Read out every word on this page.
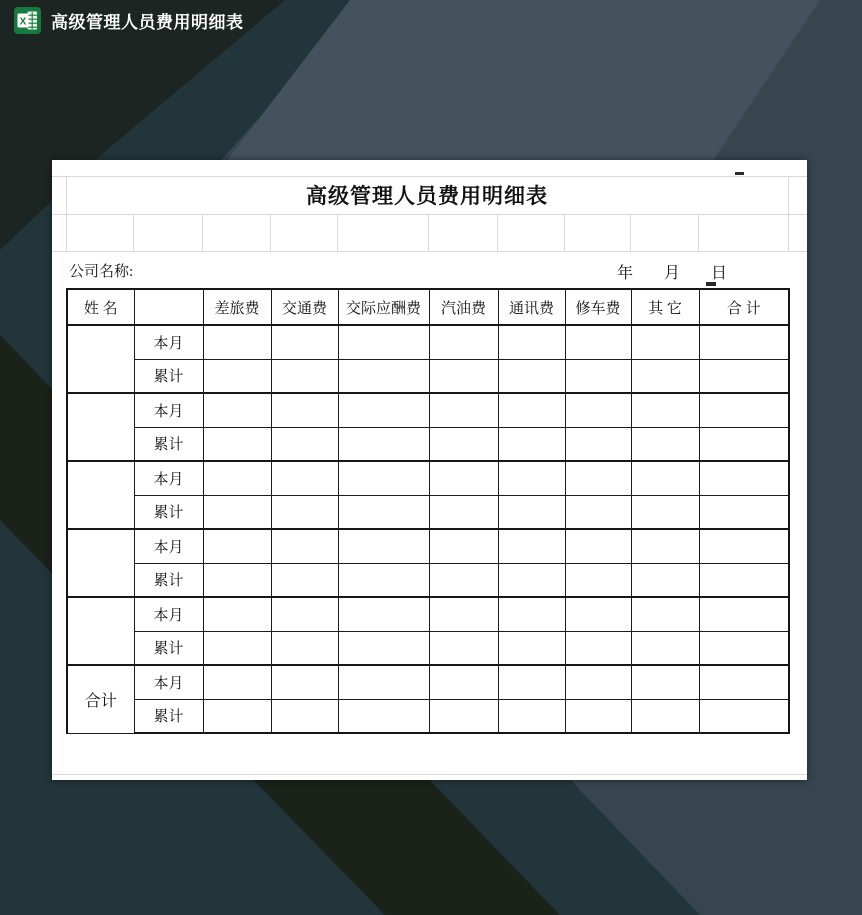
X 高级管理人员费用明细表
高级管理人员费用明细表
公司名称:	年 月 日
姓 名		差旅费	交通费	交际应酬费	汽油费	通讯费	修车费	其 它	合 计
	本月								
	累计								
	本月								
	累计								
	本月								
	累计								
	本月								
	累计								
	本月								
	累计								
合计	本月								
	累计								
